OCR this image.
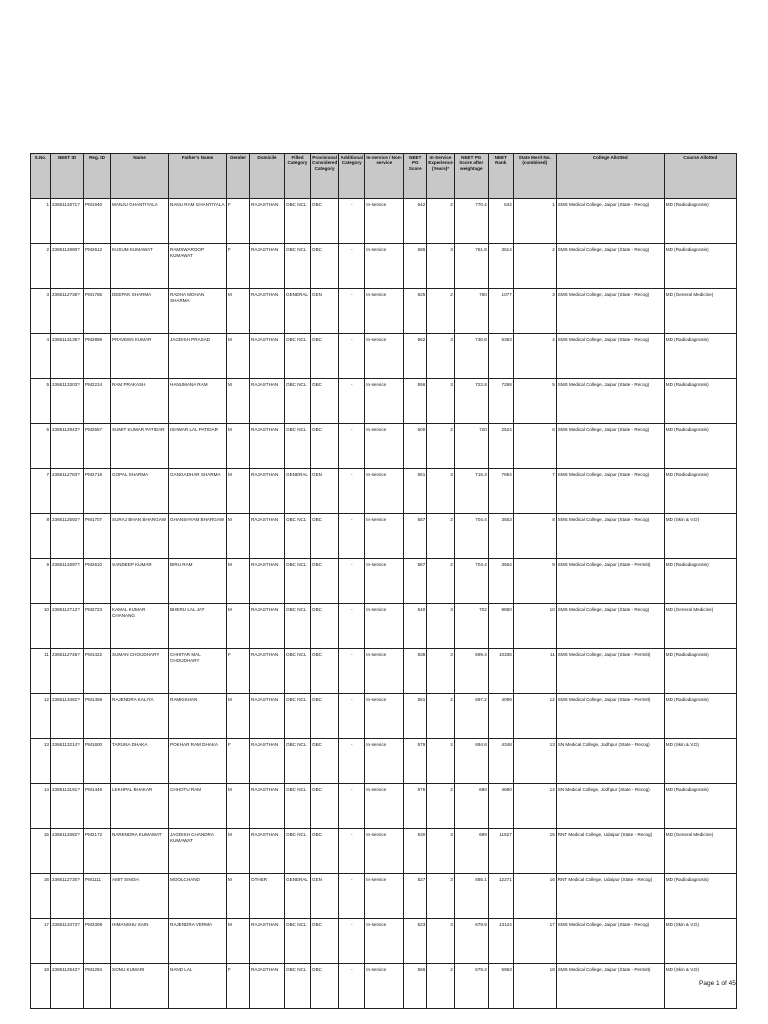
S.No.	NEET ID	Reg. ID	Name	Father's Name	Gender	Domicile	Filled Category	Provisional Considered Category	Additional Category	In-service / Non-service	NEET PG Score	In-Service Experience (Years)*	NEET PG Score after weightage	NEET Rank	State Merit No. (combined)	College Allotted	Course Allotted
1	2366112671?	PM1940	MANJU GHANTIYALA	NANU RAM GHANTIYALA	F	RAJASTHAN	OBC NCL	OBC	-	In-service	642	2	770.4	542	1	SMS Medical College, Jaipur (State - Recog)	MD (Radiodiagnosis)
2	2366112890?	PM2612	KUSUM KUMAWAT	RAMSWAROOP KUMAWAT	F	RAJASTHAN	OBC NCL	OBC	-	In-service	586	3	761.8	3614	2	SMS Medical College, Jaipur (State - Recog)	MD (Radiodiagnosis)
3	2366112738?	PM1765	DEEPAK SHARMA	RADHA MOHAN SHARMA	M	RAJASTHAN	GENERAL	GEN	-	In-service	625	2	750	1077	3	SMS Medical College, Jaipur (State - Recog)	MD (General Medicine)
4	2366113136?	PM2899	PRAVEEN KUMAR	JAGDISH PRASAD	M	RAJASTHAN	OBC NCL	OBC	-	In-service	562	3	730.6	6393	4	SMS Medical College, Jaipur (State - Recog)	MD (Radiodiagnosis)
5	2366113303?	PM2214	RAM PRAKASH	HANUMANA RAM	M	RAJASTHAN	OBC NCL	OBC	-	In-service	556	3	722.8	7256	5	SMS Medical College, Jaipur (State - Recog)	MD (Radiodiagnosis)
6	2366112943?	PM2557	SUMIT KUMAR PATIDAR	ISHWAR LAL PATIDAR	M	RAJASTHAN	OBC NCL	OBC	-	In-service	600	2	720	2524	6	SMS Medical College, Jaipur (State - Recog)	MD (Radiodiagnosis)
7	2366112783?	PM2718	GOPAL SHARMA	GANGADHAR SHARMA	M	RAJASTHAN	GENERAL	GEN	-	In-service	551	3	716.3	7854	7	SMS Medical College, Jaipur (State - Recog)	MD (Radiodiagnosis)
8	2366112592?	PM1707	SURAJ BHAN BHARGAW	GHANSHYAM BHARGAW	M	RAJASTHAN	OBC NCL	OBC	-	In-service	587	2	704.4	3563	8	SMS Medical College, Jaipur (State - Recog)	MD (Skin & V.D)
9	2366112697?	PM2610	SANDEEP KUMAR	BIRU RAM	M	RAJASTHAN	OBC NCL	OBC	-	In-service	587	2	704.4	3564	9	SMS Medical College, Jaipur (State - Permitt)	MD (Radiodiagnosis)
10	2366112712?	PM2723	KAMAL KUMAR CHANANG	BHERU LAL JAT	M	RAJASTHAN	OBC NCL	OBC	-	In-service	540	3	702	9850	10	SMS Medical College, Jaipur (State - Recog)	MD (General Medicine)
11	2366112746?	PM1422	SUMAN CHOUDHARY	CHHITAR MAL CHOUDHARY	F	RAJASTHAN	OBC NCL	OBC	-	In-service	538	3	699.4	10336	11	SMS Medical College, Jaipur (State - Permitt)	MD (Radiodiagnosis)
12	2366113462?	PM1459	RAJENDRA KALIYA	RAMKISHAN	M	RAJASTHAN	OBC NCL	OBC	-	In-service	581	2	697.2	4099	12	SMS Medical College, Jaipur (State - Permitt)	MD (Radiodiagnosis)
13	2366113214?	PM1600	TARUNA DHAKA	POKHAR RAM DHAKA	F	RAJASTHAN	OBC NCL	OBC	-	In-service	579	2	694.8	4348	13	SN Medical College, Jodhpur (State - Recog)	MD (Skin & V.D)
14	2366113191?	PM1449	LEKHPAL BHAKAR	CHHOTU RAM	M	RAJASTHAN	OBC NCL	OBC	-	In-service	575	2	690	4680	14	SN Medical College, Jodhpur (State - Recog)	MD (Radiodiagnosis)
15	2366112682?	PM2172	NARENDRA KUMAWAT	JAGDISH CHANDRA KUMAWAT	M	RAJASTHAN	OBC NCL	OBC	-	In-service	530	3	689	11627	15	RNT Medical College, Udaipur (State - Recog)	MD (General Medicine)
16	2366112730?	PM1111	AMIT SINGH	MOOLCHAND	M	OTHER	GENERAL	GEN	-	In-service	527	3	685.1	12271	16	RNT Medical College, Udaipur (State - Recog)	MD (Radiodiagnosis)
17	2366113473?	PM3308	HIMANSHU SAIN	RAJENDRA VERMA	M	RAJASTHAN	OBC NCL	OBC	-	In-service	523	3	679.9	13124	17	SMS Medical College, Jaipur (State - Recog)	MD (Skin & V.D)
18	2366112542?	PM1294	SONU KUMARI	NAND LAL	F	RAJASTHAN	OBC NCL	OBC	-	In-service	566	2	679.2	5963	18	SMS Medical College, Jaipur (State - Permitt)	MD (Skin & V.D)
Page 1 of 45
